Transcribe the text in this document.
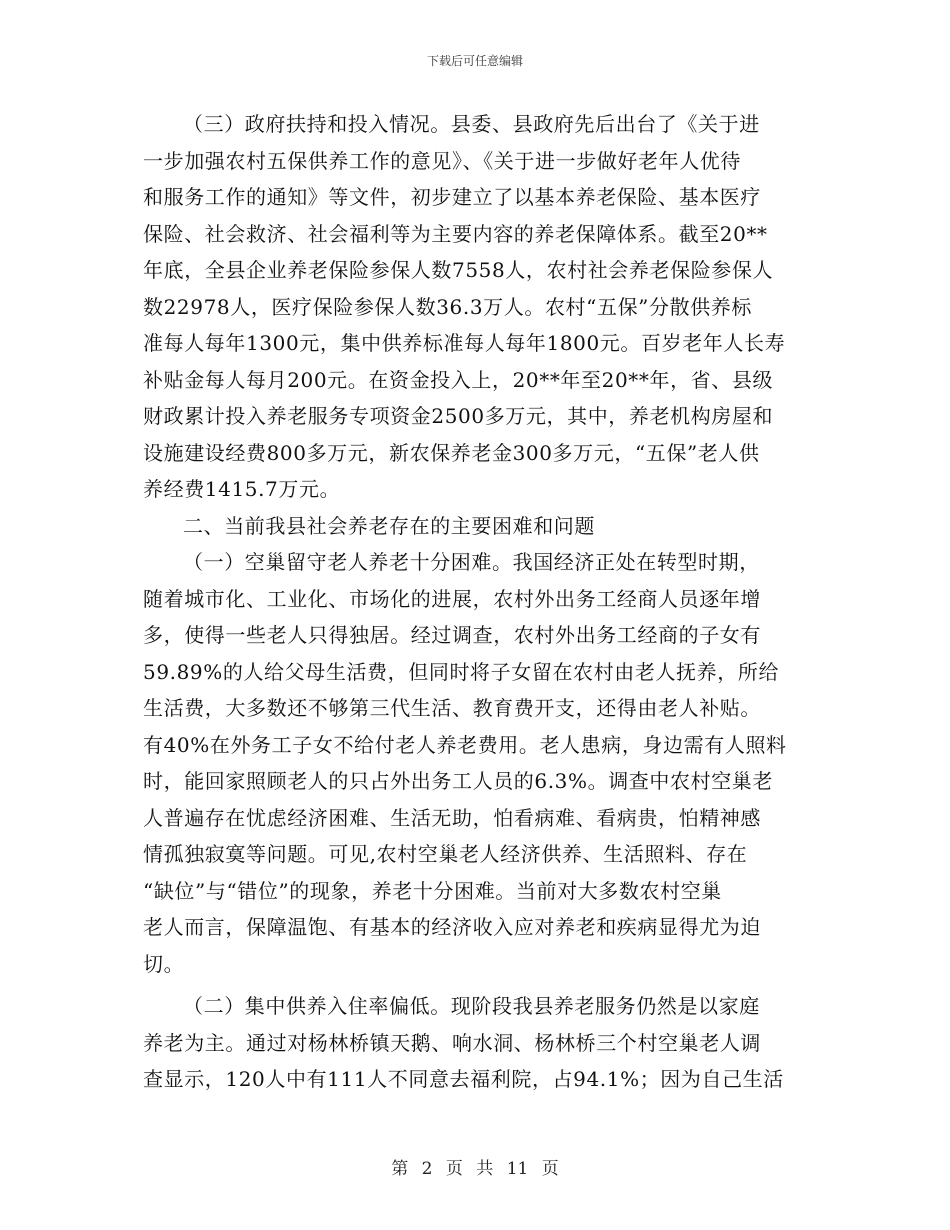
下载后可任意编辑

（三）政府扶持和投入情况。县委、县政府先后出台了《关于进
一步加强农村五保供养工作的意见》、《关于进一步做好老年人优待
和服务工作的通知》等文件，初步建立了以基本养老保险、基本医疗
保险、社会救济、社会福利等为主要内容的养老保障体系。截至20**
年底，全县企业养老保险参保人数7558人，农村社会养老保险参保人
数22978人，医疗保险参保人数36.3万人。农村“五保”分散供养标
准每人每年1300元，集中供养标准每人每年1800元。百岁老年人长寿
补贴金每人每月200元。在资金投入上，20**年至20**年，省、县级
财政累计投入养老服务专项资金2500多万元，其中，养老机构房屋和
设施建设经费800多万元，新农保养老金300多万元，“五保”老人供
养经费1415.7万元。

二、当前我县社会养老存在的主要困难和问题

（一）空巢留守老人养老十分困难。我国经济正处在转型时期，
随着城市化、工业化、市场化的进展，农村外出务工经商人员逐年增
多，使得一些老人只得独居。经过调查，农村外出务工经商的子女有
59.89%的人给父母生活费，但同时将子女留在农村由老人抚养，所给
生活费，大多数还不够第三代生活、教育费开支，还得由老人补贴。
有40%在外务工子女不给付老人养老费用。老人患病，身边需有人照料
时，能回家照顾老人的只占外出务工人员的6.3%。调查中农村空巢老
人普遍存在忧虑经济困难、生活无助，怕看病难、看病贵，怕精神感
情孤独寂寞等问题。可见,农村空巢老人经济供养、生活照料、存在
“缺位”与“错位”的现象，养老十分困难。当前对大多数农村空巢
老人而言，保障温饱、有基本的经济收入应对养老和疾病显得尤为迫
切。

（二）集中供养入住率偏低。现阶段我县养老服务仍然是以家庭
养老为主。通过对杨林桥镇天鹅、响水洞、杨林桥三个村空巢老人调
查显示，120人中有111人不同意去福利院，占94.1%；因为自己生活

第 2 页 共 11 页
